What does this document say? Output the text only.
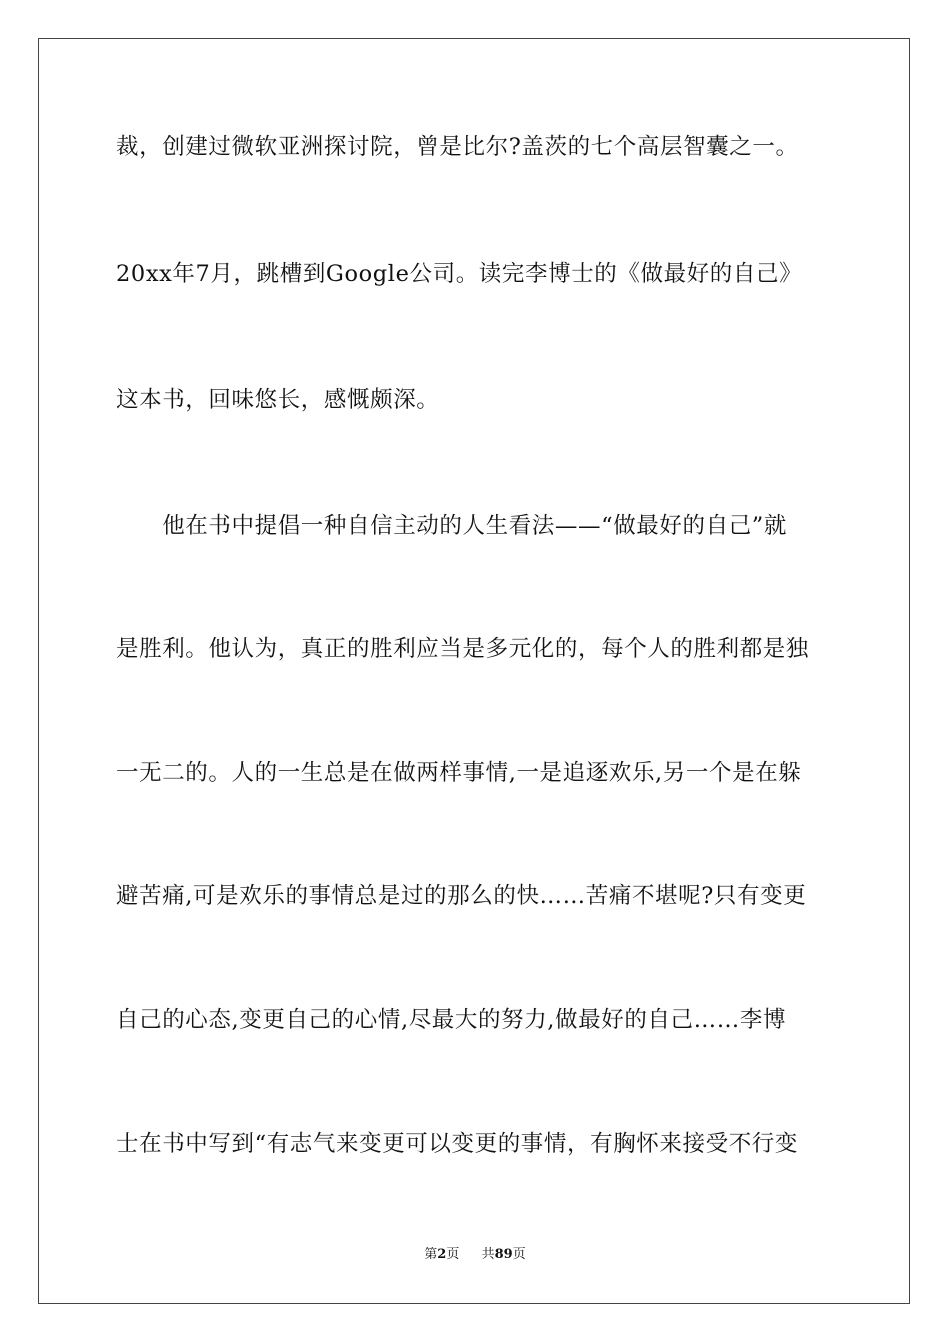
裁，创建过微软亚洲探讨院，曾是比尔?盖茨的七个高层智囊之一。
20xx年7月，跳槽到Google公司。读完李博士的《做最好的自己》
这本书，回味悠长，感慨颇深。
　　他在书中提倡一种自信主动的人生看法——“做最好的自己”就
是胜利。他认为，真正的胜利应当是多元化的，每个人的胜利都是独
一无二的。人的一生总是在做两样事情,一是追逐欢乐,另一个是在躲
避苦痛,可是欢乐的事情总是过的那么的快……苦痛不堪呢?只有变更
自己的心态,变更自己的心情,尽最大的努力,做最好的自己……李博
士在书中写到“有志气来变更可以变更的事情，有胸怀来接受不行变
第2页 共89页
